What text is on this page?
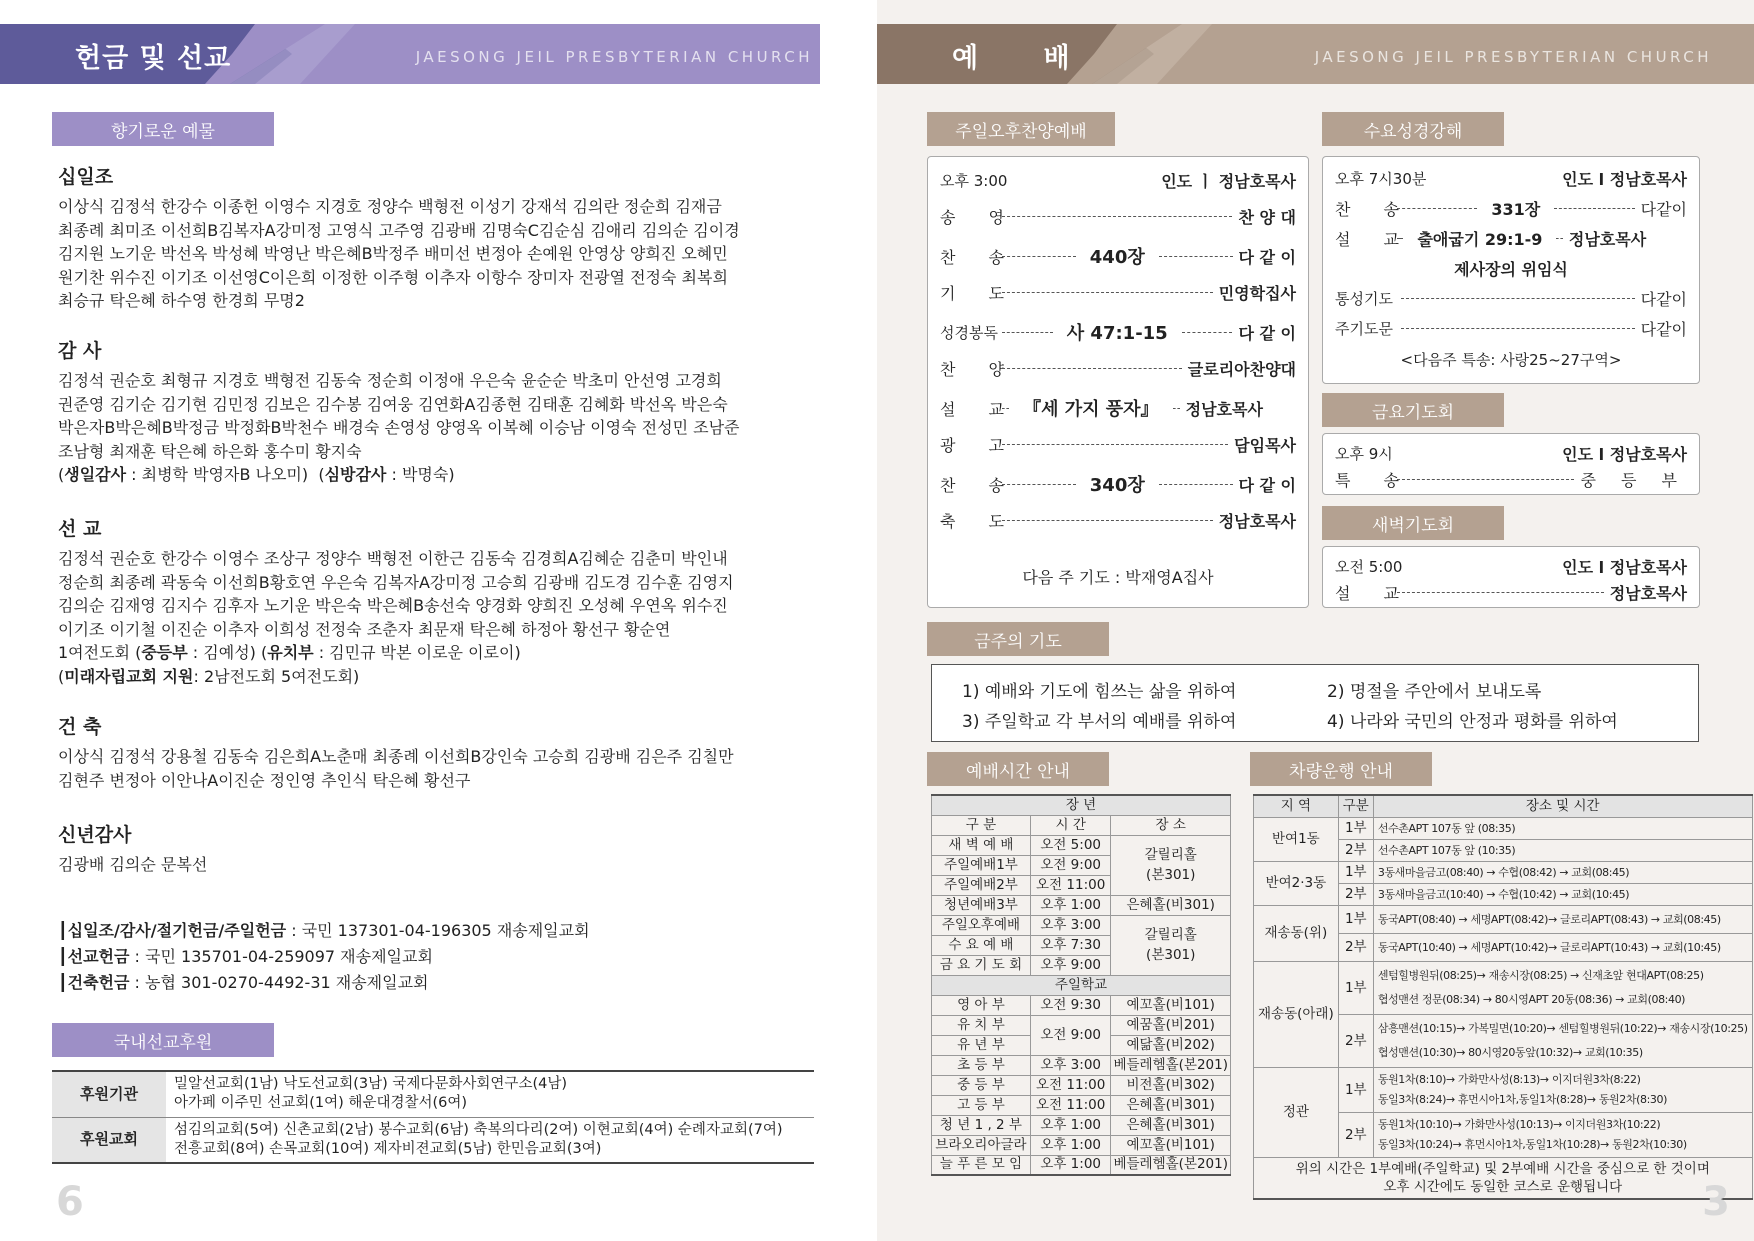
헌금 및 선교	JAESONG JEIL PRESBYTERIAN CHURCH
향기로운 예물
십일조

이상식 김정석 한강수 이종헌 이영수 지경호 정양수 백형전 이성기 강재석 김의란 정순희 김재금

최종례 최미조 이선희B김복자A강미정 고영식 고주영 김광배 김명숙C김순심 김애리 김의순 김이경

김지원 노기운 박선옥 박성혜 박영난 박은혜B박정주 배미선 변정아 손예원 안영상 양희진 오혜민

원기찬 위수진 이기조 이선영C이은희 이정한 이주형 이추자 이항수 장미자 전광열 전정숙 최복희

최승규 탁은혜 하수영 한경희 무명2

감 사

김정석 권순호 최형규 지경호 백형전 김동숙 정순희 이정애 우은숙 윤순순 박초미 안선영 고경희

권준영 김기순 김기현 김민정 김보은 김수봉 김여웅 김연화A김종현 김태훈 김혜화 박선옥 박은숙

박은자B박은혜B박정금 박정화B박천수 배경숙 손영성 양영옥 이복혜 이승남 이영숙 전성민 조남준

조남형 최재훈 탁은혜 하은화 홍수미 황지숙

(생일감사 : 최병학 박영자B 나오미)  (심방감사 : 박명숙)

선 교

김정석 권순호 한강수 이영수 조상구 정양수 백형전 이한근 김동숙 김경희A김혜순 김춘미 박인내

정순희 최종례 곽동숙 이선희B황호연 우은숙 김복자A강미정 고승희 김광배 김도경 김수훈 김영지

김의순 김재영 김지수 김후자 노기운 박은숙 박은혜B송선숙 양경화 양희진 오성혜 우연옥 위수진

이기조 이기철 이진순 이추자 이희성 전정숙 조춘자 최문재 탁은혜 하정아 황선구 황순연

1여전도회 (중등부 : 김예성) (유치부 : 김민규 박본 이로운 이로이)

(미래자립교회 지원: 2남전도회 5여전도회)

건 축

이상식 김정석 강용철 김동숙 김은희A노춘매 최종례 이선희B강인숙 고승희 김광배 김은주 김칠만

김현주 변정아 이안나A이진순 정인영 추인식 탁은혜 황선구

신년감사

김광배 김의순 문복선

┃십일조/감사/절기헌금/주일헌금 : 국민 137301-04-196305 재송제일교회
┃선교헌금 : 국민 135701-04-259097 재송제일교회
┃건축헌금 : 농협 301-0270-4492-31 재송제일교회
국내선교후원
후원기관	밀알선교회(1남) 낙도선교회(3남) 국제다문화사회연구소(4남)
아가페 이주민 선교회(1여) 해운대경찰서(6여)

후원교회	섬김의교회(5여) 신촌교회(2남) 봉수교회(6남) 축복의다리(2여) 이현교회(4여) 순례자교회(7여)
전흥교회(8여) 손목교회(10여) 제자비젼교회(5남) 한민음교회(3여)
6
예 배	JAESONG JEIL PRESBYTERIAN CHURCH
주일오후찬양예배
오후 3:00	인도 ㅣ 정남호목사
송 영	찬 양 대
찬 송	440장	다 같 이
기 도	민영학집사
성경봉독	사 47:1-15	다 같 이
찬 양	글로리아찬양대
설 교 『세 가지 풍자』	정남호목사
광 고	담임목사
찬 송	340장	다 같 이
축 도	정남호목사
다음 주 기도 : 박재영A집사
수요성경강해
오후 7시30분	인도 l 정남호목사
찬 송	331장	다같이
설 교 출애굽기 29:1-9	정남호목사
제사장의 위임식
통성기도	다같이
주기도문	다같이
<다음주 특송: 사랑25~27구역>
금요기도회
오후 9시	인도 l 정남호목사
특 송	중 등 부
새벽기도회
오전 5:00	인도 l 정남호목사
설 교	정남호목사
금주의 기도
1) 예배와 기도에 힘쓰는 삶을 위하여	2) 명절을 주안에서 보내도록
3) 주일학교 각 부서의 예배를 위하여	4) 나라와 국민의 안정과 평화를 위하여
예배시간 안내
장 년		
구 분	시 간	장 소
새 벽 예 배	오전 5:00	갈릴리홀
(본301)
주일예배1부	오전 9:00	
주일예배2부	오전 11:00	
청년예배3부	오후 1:00	은혜홀(비301)
주일오후예배	오후 3:00	갈릴리홀
(본301)
수 요 예 배	오후 7:30	
금 요 기 도 회	오후 9:00	
주일학교		
영 아 부	오전 9:30	예꼬홀(비101)
유 치 부	오전 9:00	예꿈홀(비201)
유 년 부		예닮홀(비202)
초 등 부	오후 3:00	베들레헴홀(본201)
중 등 부	오전 11:00	비전홀(비302)
고 등 부	오전 11:00	은혜홀(비301)
청 년 1 , 2 부	오후 1:00	은혜홀(비301)
브라오리아글라	오후 1:00	예꼬홀(비101)
늘 푸 른 모 임	오후 1:00	베들레헴홀(본201)
차량운행 안내
지 역	구분	장소 및 시간
반여1동	1부	선수촌APT 107동 앞 (08:35)
	2부	선수촌APT 107동 앞 (10:35)
반여2·3동	1부	3동새마을금고(08:40) → 수협(08:42) → 교회(08:45)
	2부	3동새마을금고(10:40) → 수협(10:42) → 교회(10:45)
재송동(위)	1부	동국APT(08:40) → 세명APT(08:42)→ 글로리APT(08:43) → 교회(08:45)
	2부	동국APT(10:40) → 세명APT(10:42)→ 글로리APT(10:43) → 교회(10:45)
재송동(아래)	1부	센텀힐병원뒤(08:25)→ 재송시장(08:25) → 신재초앞 현대APT(08:25)
협성맨션 정문(08:34) → 80시영APT 20동(08:36) → 교회(08:40)
	2부	삼흥맨션(10:15)→ 가복밀면(10:20)→ 센텀힐병원뒤(10:22)→ 재송시장(10:25)
협성맨션(10:30)→ 80시영20동앞(10:32)→ 교회(10:35)
정관	1부	동원1차(8:10)→ 가화만사성(8:13)→ 이지더원3차(8:22)
동일3차(8:24)→ 휴먼시아1차,동일1차(8:28)→ 동원2차(8:30)
	2부	동원1차(10:10)→ 가화만사성(10:13)→ 이지더원3차(10:22)
동일3차(10:24)→ 휴먼시아1차,동일1차(10:28)→ 동원2차(10:30)

위의 시간은 1부예배(주일학교) 및 2부예배 시간을 중심으로 한 것이며
오후 시간에도 동일한 코스로 운행됩니다			3
